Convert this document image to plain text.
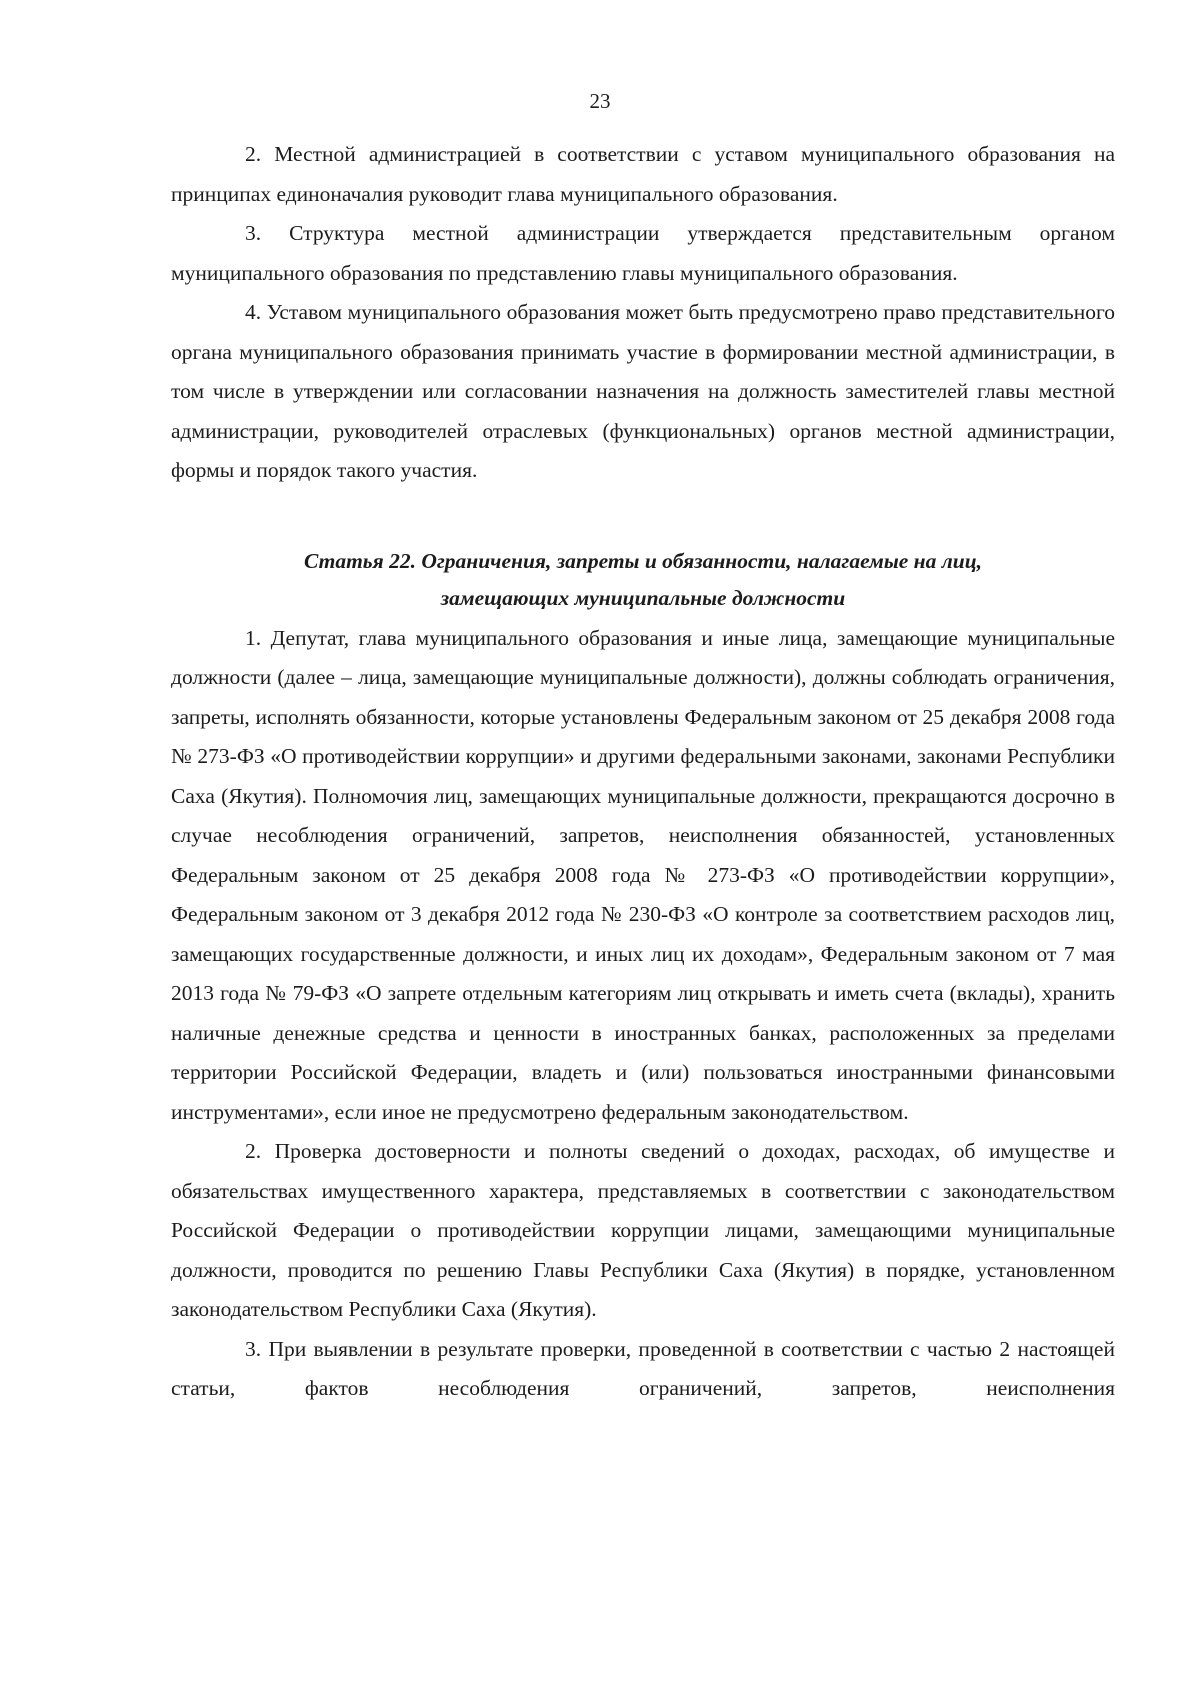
23

2. Местной администрацией в соответствии с уставом муниципального образования на принципах единоначалия руководит глава муниципального образования.

3. Структура местной администрации утверждается представительным органом муниципального образования по представлению главы муниципального образования.

4. Уставом муниципального образования может быть предусмотрено право представительного органа муниципального образования принимать участие в формировании местной администрации, в том числе в утверждении или согласовании назначения на должность заместителей главы местной администрации, руководителей отраслевых (функциональных) органов местной администрации, формы и порядок такого участия.

Статья 22. Ограничения, запреты и обязанности, налагаемые на лиц,
замещающих муниципальные должности

1. Депутат, глава муниципального образования и иные лица, замещающие муниципальные должности (далее – лица, замещающие муниципальные должности), должны соблюдать ограничения, запреты, исполнять обязанности, которые установлены Федеральным законом от 25 декабря 2008 года № 273-ФЗ «О противодействии коррупции» и другими федеральными законами, законами Республики Саха (Якутия). Полномочия лиц, замещающих муниципальные должности, прекращаются досрочно в случае несоблюдения ограничений, запретов, неисполнения обязанностей, установленных Федеральным законом от 25 декабря 2008 года № 273-ФЗ «О противодействии коррупции», Федеральным законом от 3 декабря 2012 года № 230-ФЗ «О контроле за соответствием расходов лиц, замещающих государственные должности, и иных лиц их доходам», Федеральным законом от 7 мая 2013 года № 79-ФЗ «О запрете отдельным категориям лиц открывать и иметь счета (вклады), хранить наличные денежные средства и ценности в иностранных банках, расположенных за пределами территории Российской Федерации, владеть и (или) пользоваться иностранными финансовыми инструментами», если иное не предусмотрено федеральным законодательством.

2. Проверка достоверности и полноты сведений о доходах, расходах, об имуществе и обязательствах имущественного характера, представляемых в соответствии с законодательством Российской Федерации о противодействии коррупции лицами, замещающими муниципальные должности, проводится по решению Главы Республики Саха (Якутия) в порядке, установленном законодательством Республики Саха (Якутия).

3. При выявлении в результате проверки, проведенной в соответствии с частью 2 настоящей статьи, фактов несоблюдения ограничений, запретов, неисполнения
